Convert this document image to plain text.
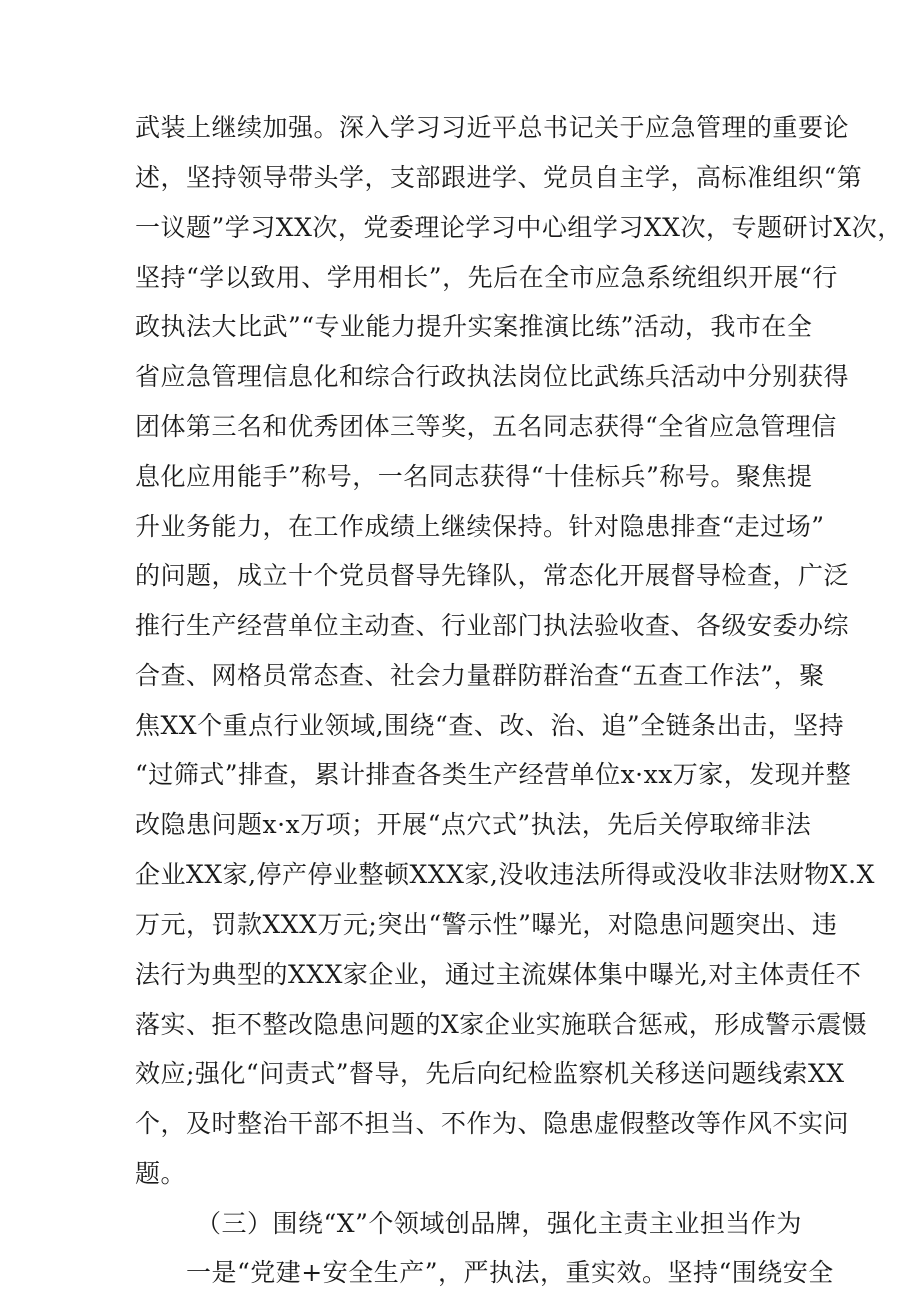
武装上继续加强。深入学习习近平总书记关于应急管理的重要论
述，坚持领导带头学，支部跟进学、党员自主学，高标准组织“第
一议题”学习XX次，党委理论学习中心组学习XX次，专题研讨X次，
坚持“学以致用、学用相长”，先后在全市应急系统组织开展“行
政执法大比武”“专业能力提升实案推演比练”活动，我市在全
省应急管理信息化和综合行政执法岗位比武练兵活动中分别获得
团体第三名和优秀团体三等奖，五名同志获得“全省应急管理信
息化应用能手”称号，一名同志获得“十佳标兵”称号。聚焦提
升业务能力，在工作成绩上继续保持。针对隐患排查“走过场”
的问题，成立十个党员督导先锋队，常态化开展督导检查，广泛
推行生产经营单位主动查、行业部门执法验收查、各级安委办综
合查、网格员常态查、社会力量群防群治查“五查工作法”，聚
焦XX个重点行业领域,围绕“查、改、治、追”全链条出击，坚持
“过筛式”排查，累计排查各类生产经营单位x·xx万家，发现并整
改隐患问题x·x万项；开展“点穴式”执法，先后关停取缔非法
企业XX家,停产停业整顿XXX家,没收违法所得或没收非法财物X.X
万元，罚款XXX万元;突出“警示性”曝光，对隐患问题突出、违
法行为典型的XXX家企业，通过主流媒体集中曝光,对主体责任不
落实、拒不整改隐患问题的X家企业实施联合惩戒，形成警示震慑
效应;强化“问责式”督导，先后向纪检监察机关移送问题线索XX
个，及时整治干部不担当、不作为、隐患虚假整改等作风不实问
题。
（三）围绕“X”个领域创品牌，强化主责主业担当作为
一是“党建+安全生产”，严执法，重实效。坚持“围绕安全
